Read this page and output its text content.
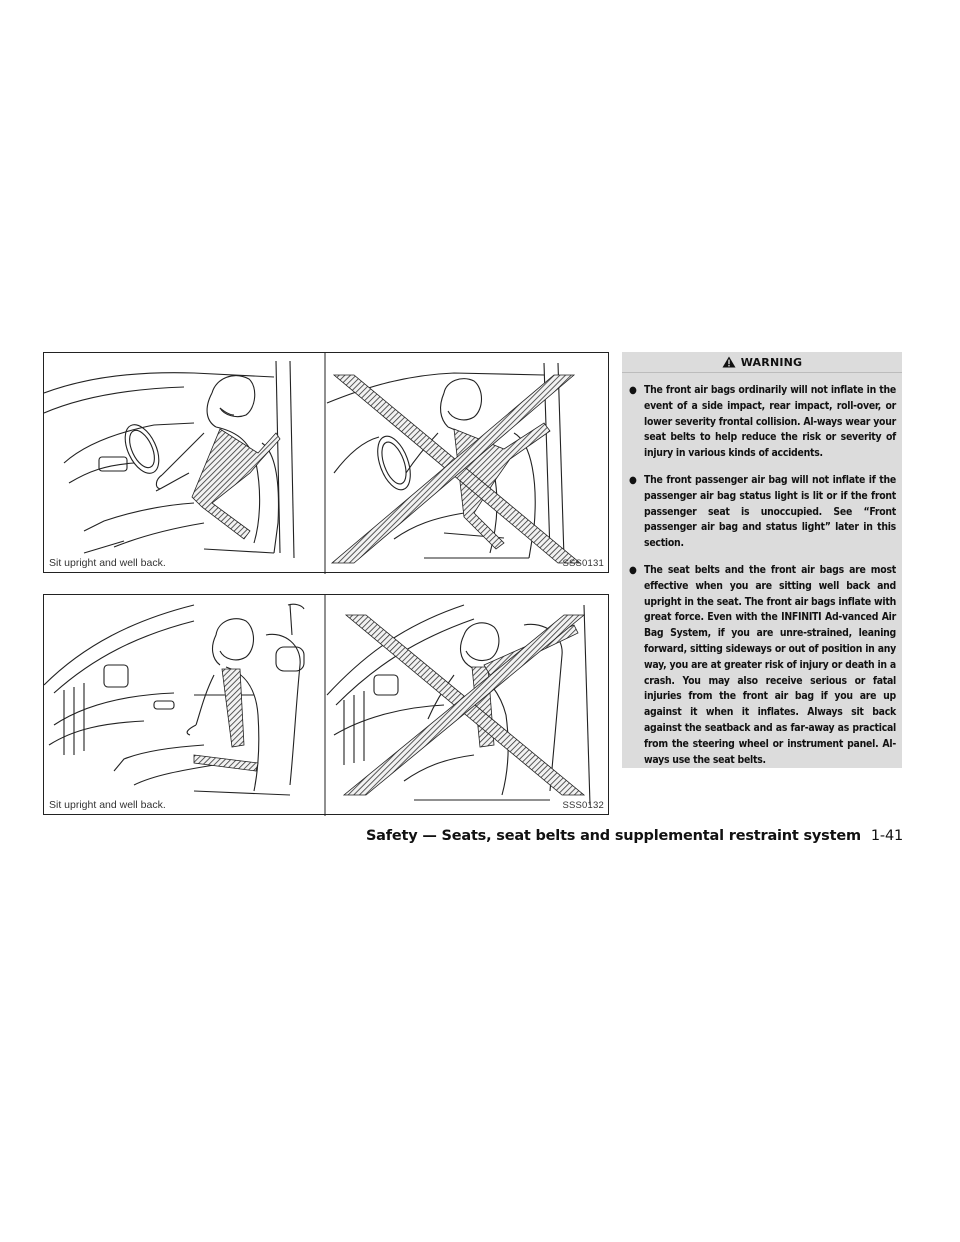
Sit upright and well back.	SSS0131
Sit upright and well back.	SSS0132
WARNING
● The front air bags ordinarily will not inflate in the event of a side impact, rear impact, roll-over, or lower severity frontal collision. Al-ways wear your seat belts to help reduce the risk or severity of injury in various kinds of accidents.
● The front passenger air bag will not inflate if the passenger air bag status light is lit or if the front passenger seat is unoccupied. See “Front passenger air bag and status light” later in this section.
● The seat belts and the front air bags are most effective when you are sitting well back and upright in the seat. The front air bags inflate with great force. Even with the INFINITI Ad-vanced Air Bag System, if you are unre-strained, leaning forward, sitting sideways or out of position in any way, you are at greater risk of injury or death in a crash. You may also receive serious or fatal injuries from the front air bag if you are up against it when it inflates. Always sit back against the seatback and as far-away as practical from the steering wheel or instrument panel. Al-ways use the seat belts.
Safety — Seats, seat belts and supplemental restraint system 1-41
